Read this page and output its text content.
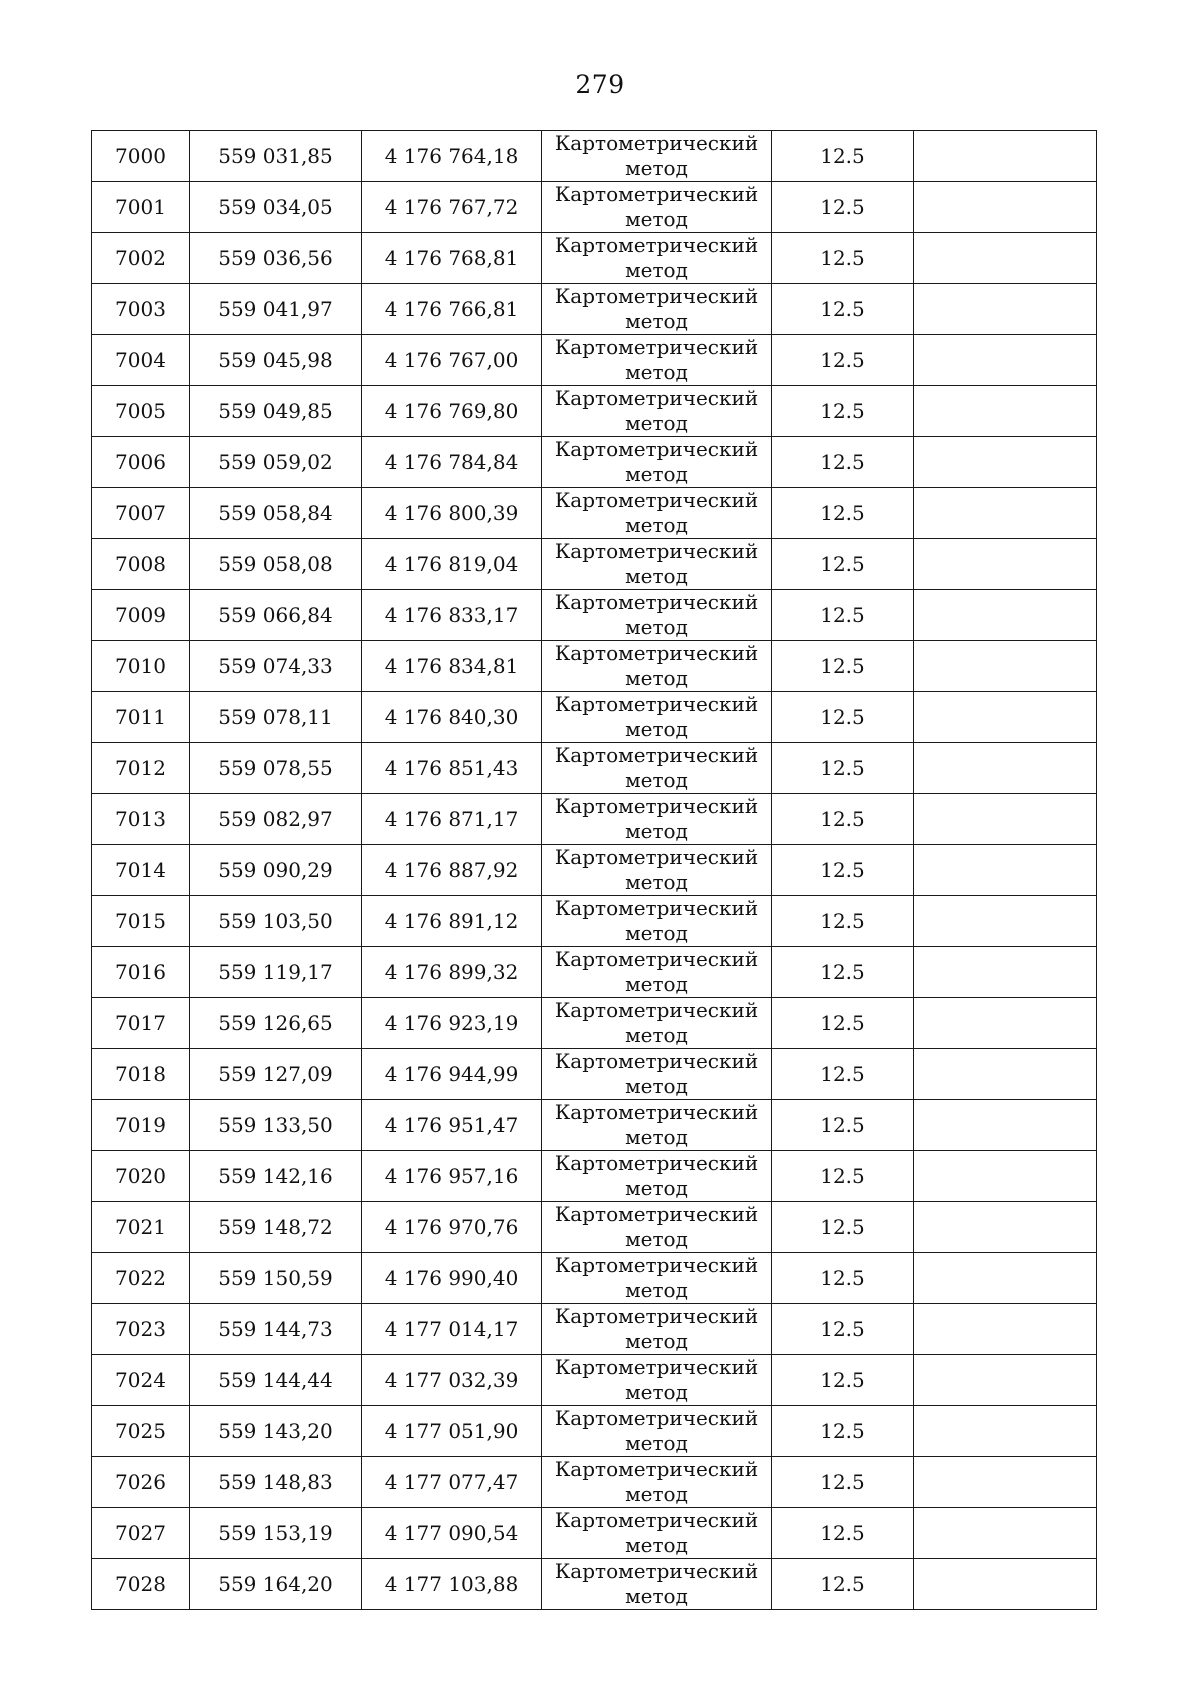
279
7000	559 031,85	4 176 764,18	Картометрический
метод	12.5	
7001	559 034,05	4 176 767,72	Картометрический
метод	12.5	
7002	559 036,56	4 176 768,81	Картометрический
метод	12.5	
7003	559 041,97	4 176 766,81	Картометрический
метод	12.5	
7004	559 045,98	4 176 767,00	Картометрический
метод	12.5	
7005	559 049,85	4 176 769,80	Картометрический
метод	12.5	
7006	559 059,02	4 176 784,84	Картометрический
метод	12.5	
7007	559 058,84	4 176 800,39	Картометрический
метод	12.5	
7008	559 058,08	4 176 819,04	Картометрический
метод	12.5	
7009	559 066,84	4 176 833,17	Картометрический
метод	12.5	
7010	559 074,33	4 176 834,81	Картометрический
метод	12.5	
7011	559 078,11	4 176 840,30	Картометрический
метод	12.5	
7012	559 078,55	4 176 851,43	Картометрический
метод	12.5	
7013	559 082,97	4 176 871,17	Картометрический
метод	12.5	
7014	559 090,29	4 176 887,92	Картометрический
метод	12.5	
7015	559 103,50	4 176 891,12	Картометрический
метод	12.5	
7016	559 119,17	4 176 899,32	Картометрический
метод	12.5	
7017	559 126,65	4 176 923,19	Картометрический
метод	12.5	
7018	559 127,09	4 176 944,99	Картометрический
метод	12.5	
7019	559 133,50	4 176 951,47	Картометрический
метод	12.5	
7020	559 142,16	4 176 957,16	Картометрический
метод	12.5	
7021	559 148,72	4 176 970,76	Картометрический
метод	12.5	
7022	559 150,59	4 176 990,40	Картометрический
метод	12.5	
7023	559 144,73	4 177 014,17	Картометрический
метод	12.5	
7024	559 144,44	4 177 032,39	Картометрический
метод	12.5	
7025	559 143,20	4 177 051,90	Картометрический
метод	12.5	
7026	559 148,83	4 177 077,47	Картометрический
метод	12.5	
7027	559 153,19	4 177 090,54	Картометрический
метод	12.5	
7028	559 164,20	4 177 103,88	Картометрический
метод	12.5	
